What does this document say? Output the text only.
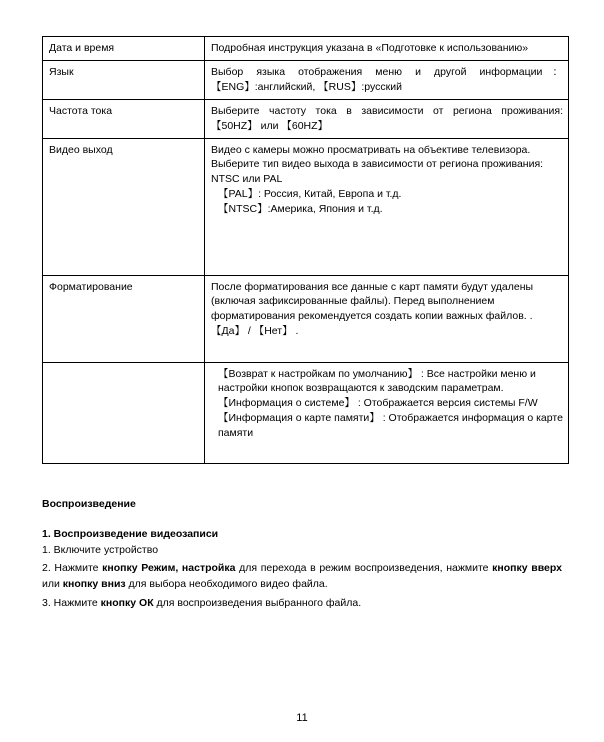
Дата и время	Подробная инструкция указана в «Подготовке к использованию»
Язык	Выбор языка отображения меню и другой информации：【ENG】:английский, 【RUS】:русский
Частота тока	Выберите частоту тока в зависимости от региона проживания: 【50HZ】 или 【60HZ】
Видео выход	Видео с камеры можно просматривать на объективе телевизора. Выберите тип видео выхода в зависимости от региона проживания: NTSC или PAL
【PAL】: Россия, Китай, Европа и т.д.
【NTSC】:Америка, Япония и т.д.

Форматирование	После форматирования все данные с карт памяти будут удалены (включая зафиксированные файлы). Перед выполнением форматирования рекомендуется создать копии важных файлов. . 【Да】 / 【Нет】 .

	【Возврат к настройкам по умолчанию】 : Все настройки меню и настройки кнопок возвращаются к заводским параметрам.
【Информация о системе】 : Отображается версия системы F/W
【Информация о карте памяти】 : Отображается информация о карте памяти
Воспроизведение
1. Воспроизведение видеозаписи
1. Включите устройство
2. Нажмите кнопку Режим, настройка для перехода в режим воспроизведения, нажмите кнопку вверх или кнопку вниз для выбора необходимого видео файла.
3. Нажмите кнопку ОК для воспроизведения выбранного файла.
11
